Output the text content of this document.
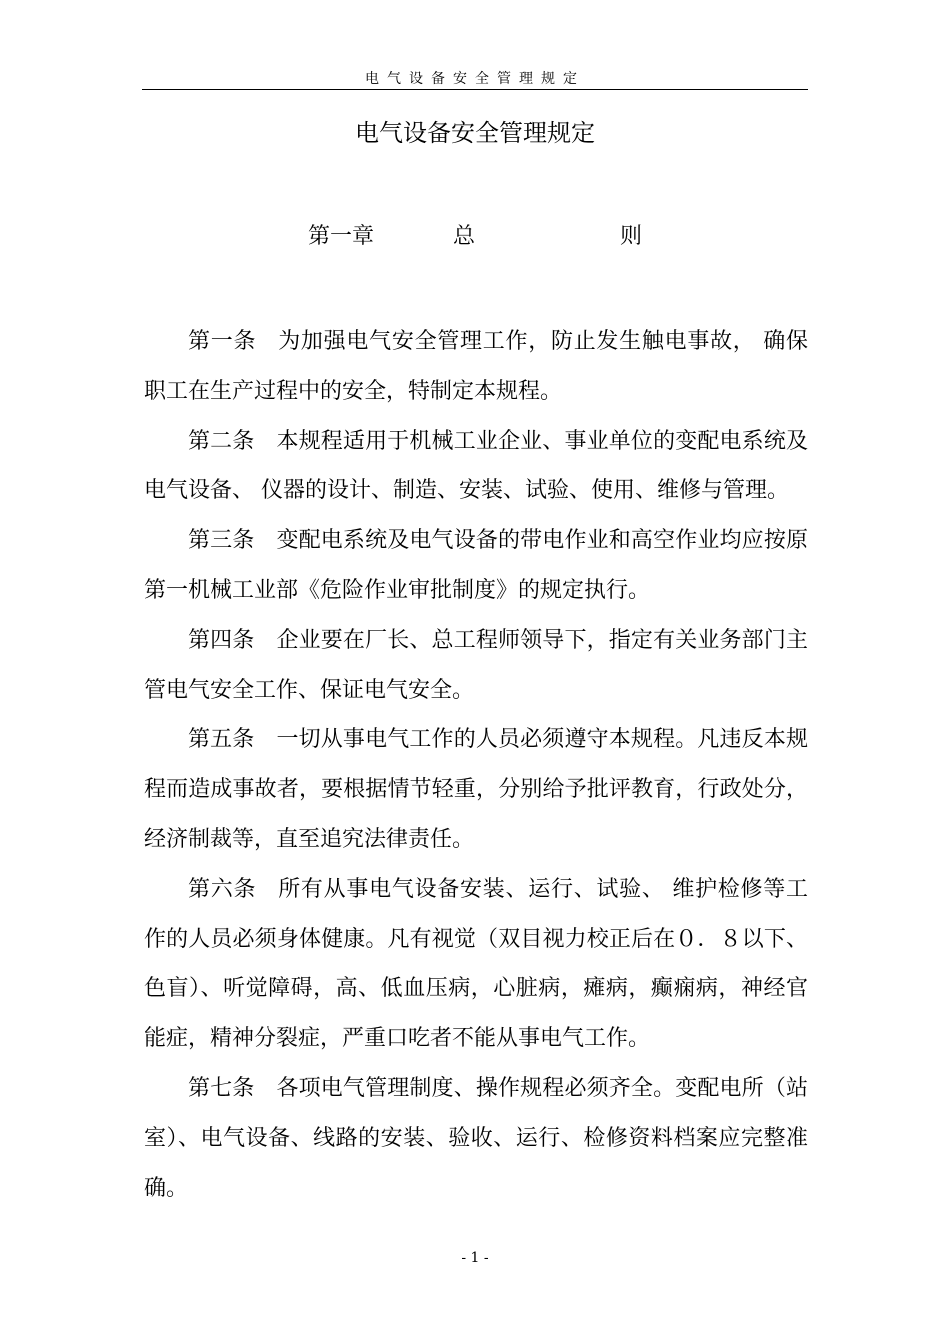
电气设备安全管理规定
电气设备安全管理规定
第一章	总	则

第一条 为加强电气安全管理工作，防止发生触电事故， 确保职工在生产过程中的安全，特制定本规程。

第二条 本规程适用于机械工业企业、事业单位的变配电系统及电气设备、 仪器的设计、制造、安装、试验、使用、维修与管理。

第三条 变配电系统及电气设备的带电作业和高空作业均应按原第一机械工业部《危险作业审批制度》的规定执行。

第四条 企业要在厂长、总工程师领导下，指定有关业务部门主管电气安全工作、保证电气安全。

第五条 一切从事电气工作的人员必须遵守本规程。凡违反本规程而造成事故者，要根据情节轻重，分别给予批评教育，行政处分，经济制裁等，直至追究法律责任。

第六条 所有从事电气设备安装、运行、试验、 维护检修等工作的人员必须身体健康。凡有视觉（双目视力校正后在０．８以下、色盲）、听觉障碍，高、低血压病，心脏病，瘫病，癫痫病，神经官能症，精神分裂症，严重口吃者不能从事电气工作。

第七条 各项电气管理制度、操作规程必须齐全。变配电所（站室）、电气设备、线路的安装、验收、运行、检修资料档案应完整准确。

- 1 -
